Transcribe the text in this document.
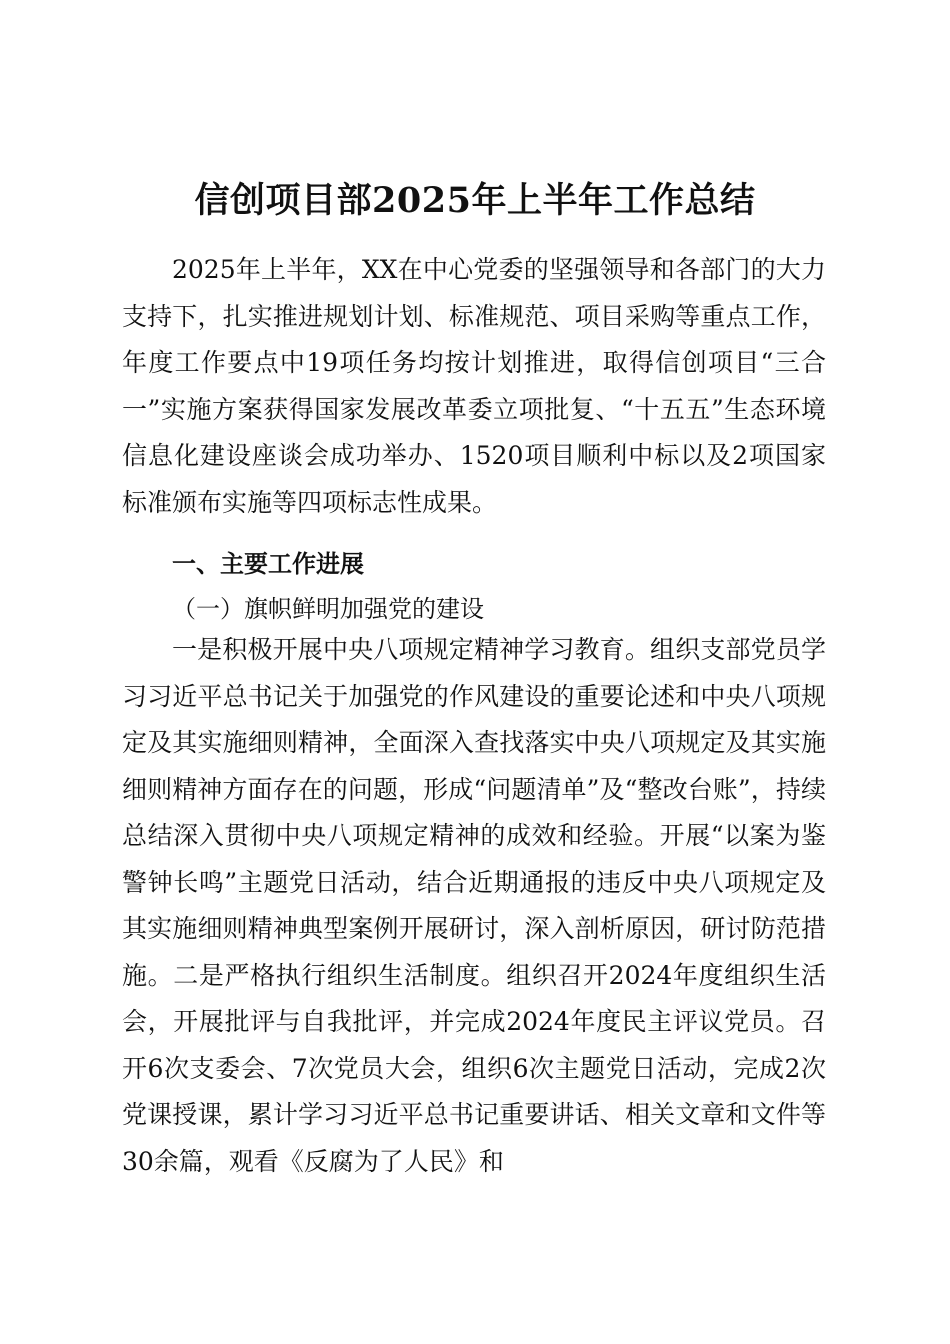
信创项目部2025年上半年工作总结

2025年上半年，XX在中心党委的坚强领导和各部门的大力支持下，扎实推进规划计划、标准规范、项目采购等重点工作，年度工作要点中19项任务均按计划推进，取得信创项目“三合一”实施方案获得国家发展改革委立项批复、“十五五”生态环境信息化建设座谈会成功举办、1520项目顺利中标以及2项国家标准颁布实施等四项标志性成果。

一、主要工作进展
（一）旗帜鲜明加强党的建设

一是积极开展中央八项规定精神学习教育。组织支部党员学习习近平总书记关于加强党的作风建设的重要论述和中央八项规定及其实施细则精神，全面深入查找落实中央八项规定及其实施细则精神方面存在的问题，形成“问题清单”及“整改台账”，持续总结深入贯彻中央八项规定精神的成效和经验。开展“以案为鉴警钟长鸣”主题党日活动，结合近期通报的违反中央八项规定及其实施细则精神典型案例开展研讨，深入剖析原因，研讨防范措施。二是严格执行组织生活制度。组织召开2024年度组织生活会，开展批评与自我批评，并完成2024年度民主评议党员。召开6次支委会、7次党员大会，组织6次主题党日活动，完成2次党课授课，累计学习习近平总书记重要讲话、相关文章和文件等30余篇，观看《反腐为了人民》和
